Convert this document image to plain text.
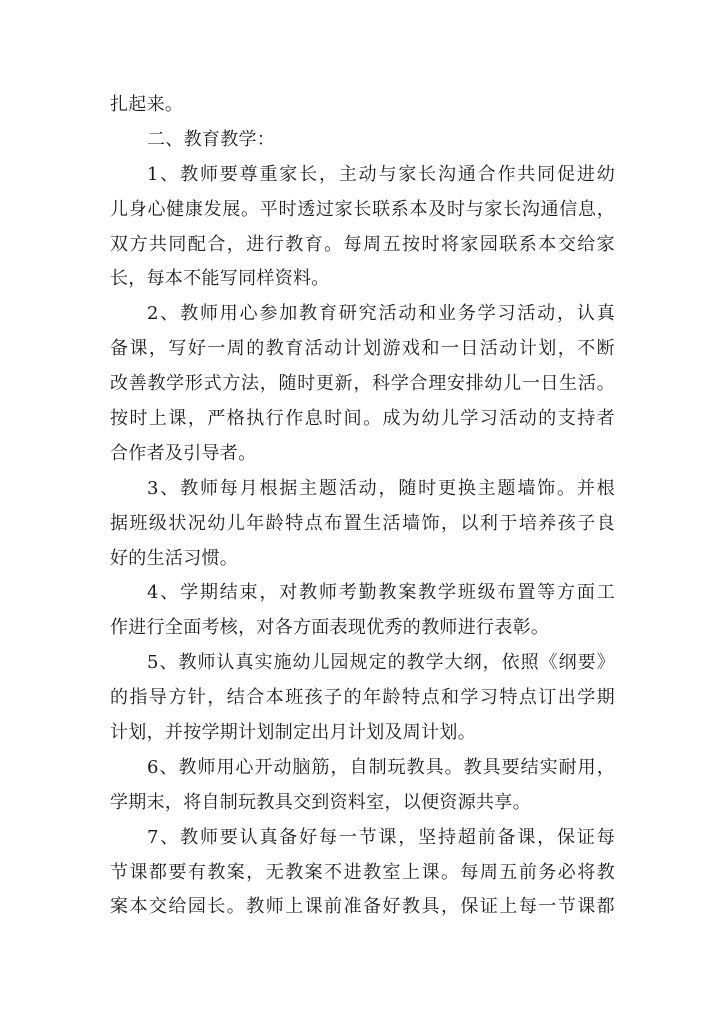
扎起来。
二、教育教学：
1、教师要尊重家长，主动与家长沟通合作共同促进幼
儿身心健康发展。平时透过家长联系本及时与家长沟通信息，
双方共同配合，进行教育。每周五按时将家园联系本交给家
长，每本不能写同样资料。
2、教师用心参加教育研究活动和业务学习活动，认真
备课，写好一周的教育活动计划游戏和一日活动计划，不断
改善教学形式方法，随时更新，科学合理安排幼儿一日生活。
按时上课，严格执行作息时间。成为幼儿学习活动的支持者
合作者及引导者。
3、教师每月根据主题活动，随时更换主题墙饰。并根
据班级状况幼儿年龄特点布置生活墙饰，以利于培养孩子良
好的生活习惯。
4、学期结束，对教师考勤教案教学班级布置等方面工
作进行全面考核，对各方面表现优秀的教师进行表彰。
5、教师认真实施幼儿园规定的教学大纲，依照《纲要》
的指导方针，结合本班孩子的年龄特点和学习特点订出学期
计划，并按学期计划制定出月计划及周计划。
6、教师用心开动脑筋，自制玩教具。教具要结实耐用，
学期末，将自制玩教具交到资料室，以便资源共享。
7、教师要认真备好每一节课，坚持超前备课，保证每
节课都要有教案，无教案不进教室上课。每周五前务必将教
案本交给园长。教师上课前准备好教具，保证上每一节课都
